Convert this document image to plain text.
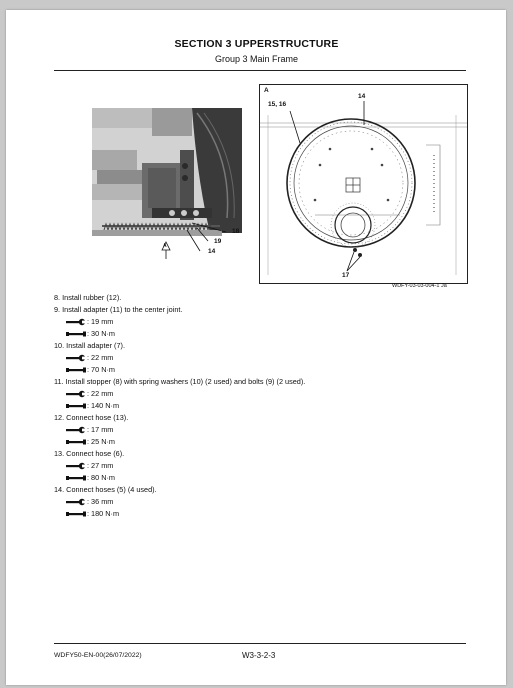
SECTION 3 UPPERSTRUCTURE
Group 3 Main Frame
18
19
14
A
A
15, 16
14
17
WDFY-03-03-004-1 Ja
8. Install rubber (12).
9. Install adapter (11) to the center joint.
: 19 mm
: 30 N·m
10. Install adapter (7).
: 22 mm
: 70 N·m
11. Install stopper (8) with spring washers (10) (2 used) and bolts (9) (2 used).
: 22 mm
: 140 N·m
12. Connect hose (13).
: 17 mm
: 25 N·m
13. Connect hose (6).
: 27 mm
: 80 N·m
14. Connect hoses (5) (4 used).
: 36 mm
: 180 N·m
WDFY50-EN-00(26/07/2022)	W3-3-2-3
